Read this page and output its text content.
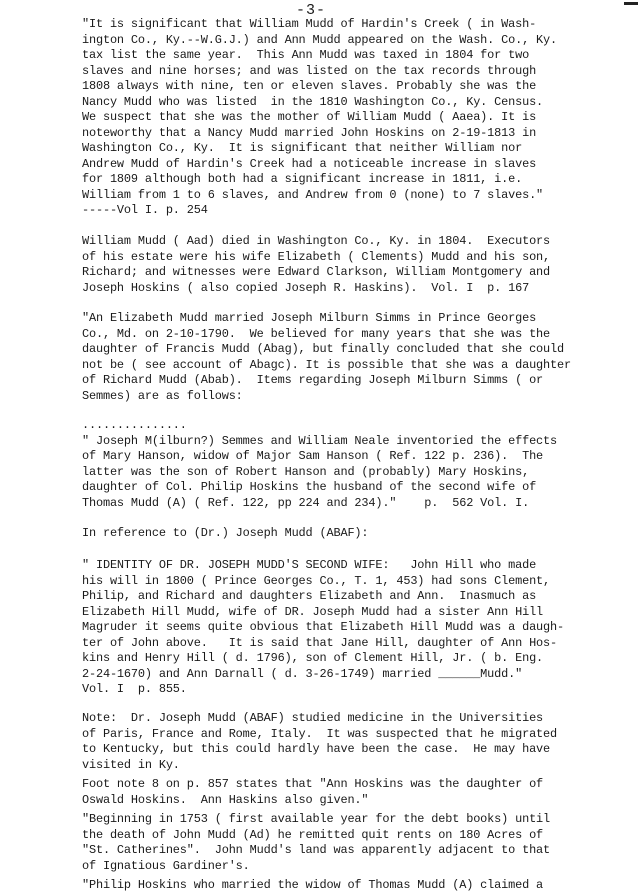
-3-
"It is significant that William Mudd of Hardin's Creek ( in Wash-
ington Co., Ky.--W.G.J.) and Ann Mudd appeared on the Wash. Co., Ky.
tax list the same year.  This Ann Mudd was taxed in 1804 for two
slaves and nine horses; and was listed on the tax records through
1808 always with nine, ten or eleven slaves. Probably she was the
Nancy Mudd who was listed  in the 1810 Washington Co., Ky. Census.
We suspect that she was the mother of William Mudd ( Aaea). It is
noteworthy that a Nancy Mudd married John Hoskins on 2-19-1813 in
Washington Co., Ky.  It is significant that neither William nor
Andrew Mudd of Hardin's Creek had a noticeable increase in slaves
for 1809 although both had a significant increase in 1811, i.e.
William from 1 to 6 slaves, and Andrew from 0 (none) to 7 slaves."
-----Vol I. p. 254
William Mudd ( Aad) died in Washington Co., Ky. in 1804.  Executors
of his estate were his wife Elizabeth ( Clements) Mudd and his son,
Richard; and witnesses were Edward Clarkson, William Montgomery and
Joseph Hoskins ( also copied Joseph R. Haskins).  Vol. I  p. 167
"An Elizabeth Mudd married Joseph Milburn Simms in Prince Georges
Co., Md. on 2-10-1790.  We believed for many years that she was the
daughter of Francis Mudd (Abag), but finally concluded that she could
not be ( see account of Abagc). It is possible that she was a daughter
of Richard Mudd (Abab).  Items regarding Joseph Milburn Simms ( or
Semmes) are as follows:
...............
" Joseph M(ilburn?) Semmes and William Neale inventoried the effects
of Mary Hanson, widow of Major Sam Hanson ( Ref. 122 p. 236).  The
latter was the son of Robert Hanson and (probably) Mary Hoskins,
daughter of Col. Philip Hoskins the husband of the second wife of
Thomas Mudd (A) ( Ref. 122, pp 224 and 234)."    p.  562 Vol. I.
In reference to (Dr.) Joseph Mudd (ABAF):
" IDENTITY OF DR. JOSEPH MUDD'S SECOND WIFE:   John Hill who made
his will in 1800 ( Prince Georges Co., T. 1, 453) had sons Clement,
Philip, and Richard and daughters Elizabeth and Ann.  Inasmuch as
Elizabeth Hill Mudd, wife of DR. Joseph Mudd had a sister Ann Hill
Magruder it seems quite obvious that Elizabeth Hill Mudd was a daugh-
ter of John above.   It is said that Jane Hill, daughter of Ann Hos-
kins and Henry Hill ( d. 1796), son of Clement Hill, Jr. ( b. Eng.
2-24-1670) and Ann Darnall ( d. 3-26-1749) married ______Mudd."
Vol. I  p. 855.
Note:  Dr. Joseph Mudd (ABAF) studied medicine in the Universities
of Paris, France and Rome, Italy.  It was suspected that he migrated
to Kentucky, but this could hardly have been the case.  He may have
visited in Ky.
Foot note 8 on p. 857 states that "Ann Hoskins was the daughter of
Oswald Hoskins.  Ann Haskins also given."
"Beginning in 1753 ( first available year for the debt books) until
the death of John Mudd (Ad) he remitted quit rents on 180 Acres of
"St. Catherines".  John Mudd's land was apparently adjacent to that
of Ignatious Gardiner's.
"Philip Hoskins who married the widow of Thomas Mudd (A) claimed a
